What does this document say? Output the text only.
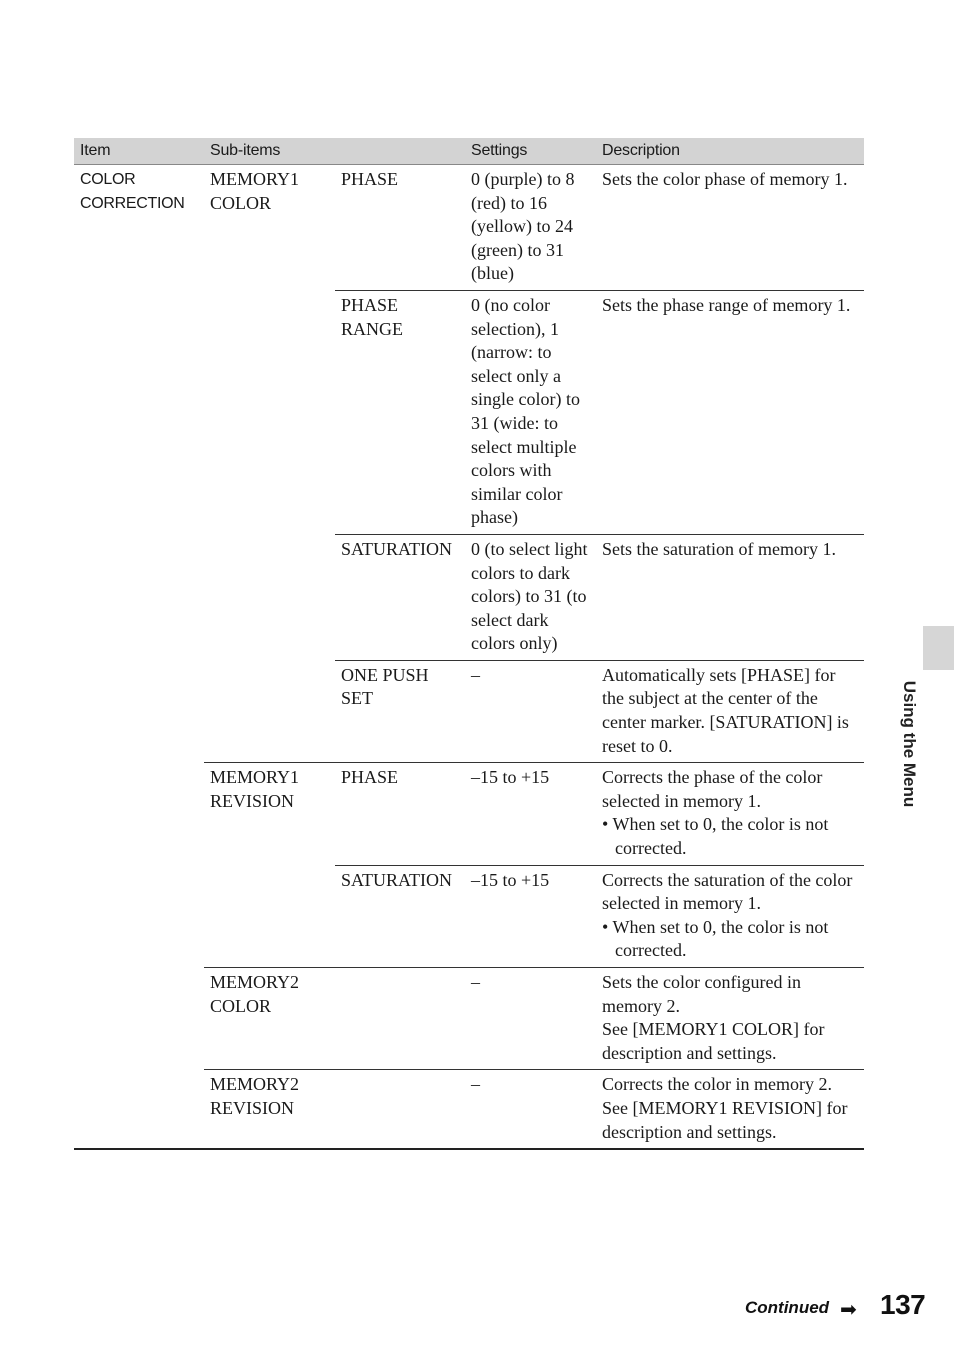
Item	Sub-items		Settings	Description
COLOR CORRECTION	MEMORY1 COLOR	PHASE	0 (purple) to 8 (red) to 16 (yellow) to 24 (green) to 31 (blue)	Sets the color phase of memory 1.

		PHASE RANGE	0 (no color selection), 1 (narrow: to select only a single color) to 31 (wide: to select multiple colors with similar color phase)	Sets the phase range of memory 1.

		SATURATION	0 (to select light colors to dark colors) to 31 (to select dark colors only)	Sets the saturation of memory 1.

		ONE PUSH SET	–	Automatically sets [PHASE] for the subject at the center of the center marker. [SATURATION] is reset to 0.

	MEMORY1 REVISION	PHASE	–15 to +15	Corrects the phase of the color selected in memory 1.
• When set to 0, the color is not corrected.

		SATURATION	–15 to +15	Corrects the saturation of the color selected in memory 1.
• When set to 0, the color is not corrected.

	MEMORY2 COLOR		–	Sets the color configured in memory 2.
See [MEMORY1 COLOR] for description and settings.

	MEMORY2 REVISION		–	Corrects the color in memory 2.
See [MEMORY1 REVISION] for description and settings.
Using the Menu
Continued ➡ 137
